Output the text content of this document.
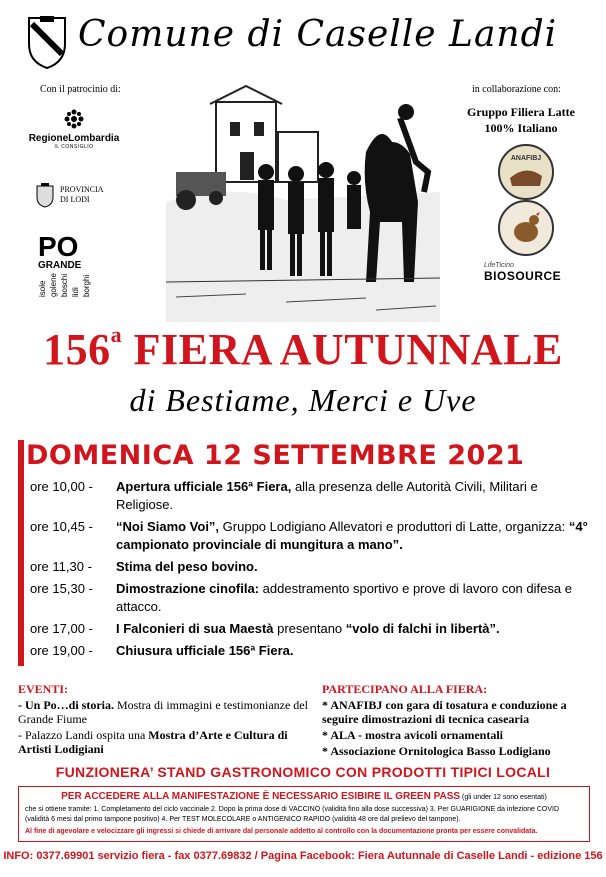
Comune di Caselle Landi
Con il patrocinio di:	in collaborazione con:
Gruppo Filiera Latte
100% Italiano
RegioneLombardia
IL CONSIGLIO
PROVINCIA
DI LODI
PO
GRANDE
isole golene boschi lidi borghi
ANAFIBJ
LifeTicino
BIOSOURCE
156$^a$ FIERA AUTUNNALE
di Bestiame, Merci e Uve
DOMENICA 12 SETTEMBRE 2021
ore 10,00 -	Apertura ufficiale 156ª Fiera, alla presenza delle Autorità Civili, Militari e Religiose.
ore 10,45 -	“Noi Siamo Voi”, Gruppo Lodigiano Allevatori e produttori di Latte, organizza: “4° campionato provinciale di mungitura a mano”.
ore 11,30 -	Stima del peso bovino.
ore 15,30 -	Dimostrazione cinofila: addestramento sportivo e prove di lavoro con difesa e attacco.
ore 17,00 -	I Falconieri di sua Maestà presentano “volo di falchi in libertà”.
ore 19,00 -	Chiusura ufficiale 156ª Fiera.
EVENTI:
- Un Po…di storia. Mostra di immagini e testimonianze del Grande Fiume
- Palazzo Landi ospita una Mostra d’Arte e Cultura di Artisti Lodigiani
PARTECIPANO ALLA FIERA:
* ANAFIBJ con gara di tosatura e conduzione a seguire dimostrazioni di tecnica casearia
* ALA - mostra avicoli ornamentali
* Associazione Ornitologica Basso Lodigiano
FUNZIONERA’ STAND GASTRONOMICO CON PRODOTTI TIPICI LOCALI
PER ACCEDERE ALLA MANIFESTAZIONE È NECESSARIO ESIBIRE IL GREEN PASS (gli under 12 sono esentati)
che si ottiene tramite: 1. Completamento del ciclo vaccinale 2. Dopo la prima dose di VACCINO (validità fino alla dose successiva) 3. Per GUARIGIONE da infezione COVID (validità 6 mesi dal primo tampone positivo) 4. Per TEST MOLECOLARE o ANTIGENICO RAPIDO (validità 48 ore dal prelievo del tampone).
Al fine di agevolare e velocizzare gli ingressi si chiede di arrivare dal personale addetto al controllo con la documentazione pronta per essere convalidata.
INFO: 0377.69901 servizio fiera - fax 0377.69832 / Pagina Facebook: Fiera Autunnale di Caselle Landi - edizione 156
